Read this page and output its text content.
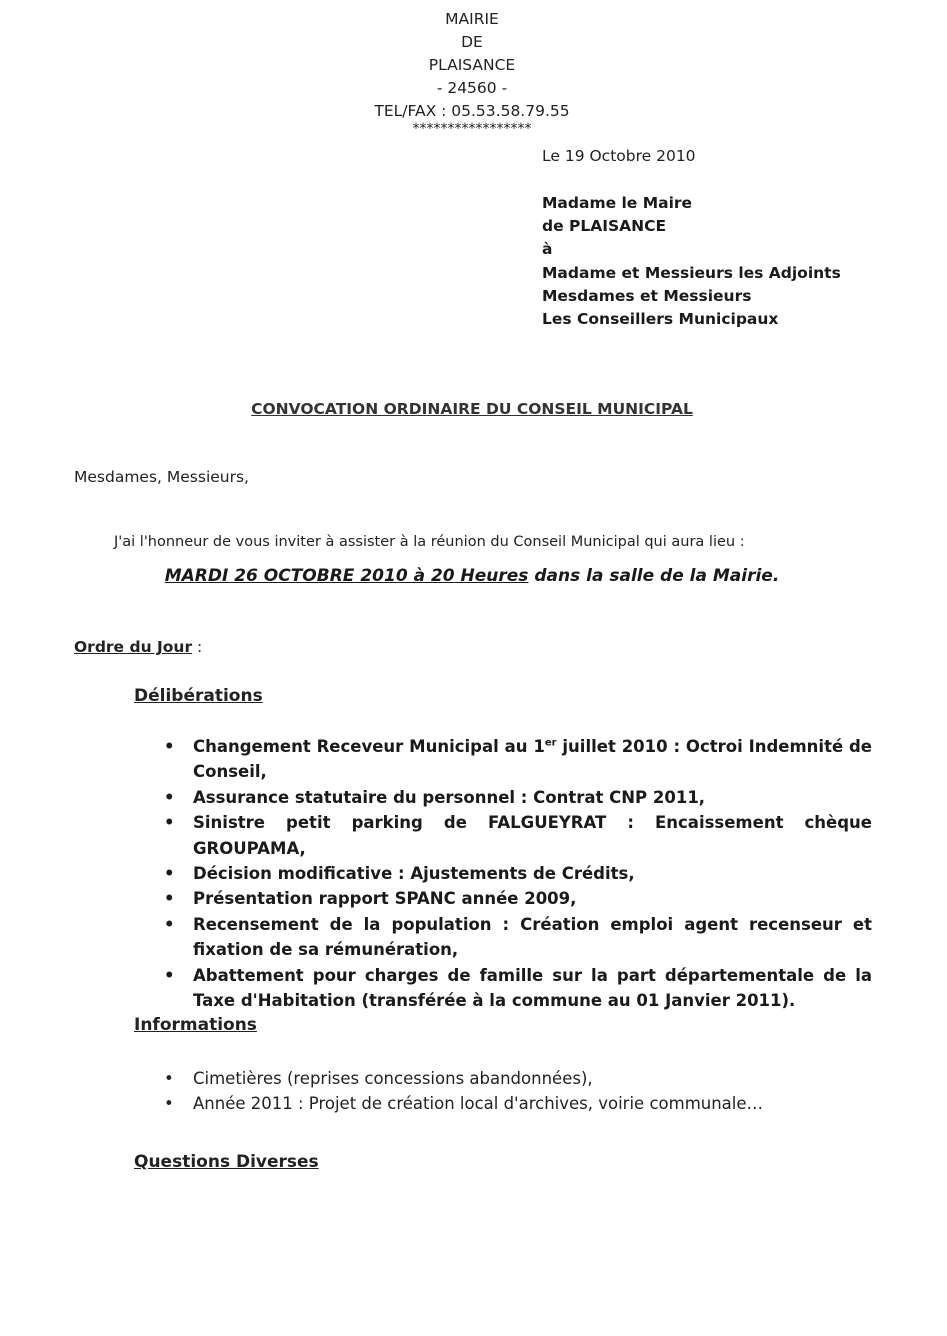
MAIRIE
DE
PLAISANCE
- 24560 -
TEL/FAX : 05.53.58.79.55
*****************
Le 19 Octobre 2010
Madame le Maire
de PLAISANCE
à
Madame et Messieurs les Adjoints
Mesdames et Messieurs
Les Conseillers Municipaux
CONVOCATION ORDINAIRE DU CONSEIL MUNICIPAL
Mesdames, Messieurs,
J'ai l'honneur de vous inviter à assister à la réunion du Conseil Municipal qui aura lieu :
MARDI 26 OCTOBRE 2010 à 20 Heures dans la salle de la Mairie.
Ordre du Jour :
Délibérations
• Changement Receveur Municipal au 1er juillet 2010 : Octroi Indemnité de Conseil,
• Assurance statutaire du personnel : Contrat CNP 2011,
• Sinistre petit parking de FALGUEYRAT : Encaissement chèque GROUPAMA,
• Décision modificative : Ajustements de Crédits,
• Présentation rapport SPANC année 2009,
• Recensement de la population : Création emploi agent recenseur et fixation de sa rémunération,
• Abattement pour charges de famille sur la part départementale de la Taxe d'Habitation (transférée à la commune au 01 Janvier 2011).
Informations
• Cimetières (reprises concessions abandonnées),
• Année 2011 : Projet de création local d'archives, voirie communale…
Questions Diverses
